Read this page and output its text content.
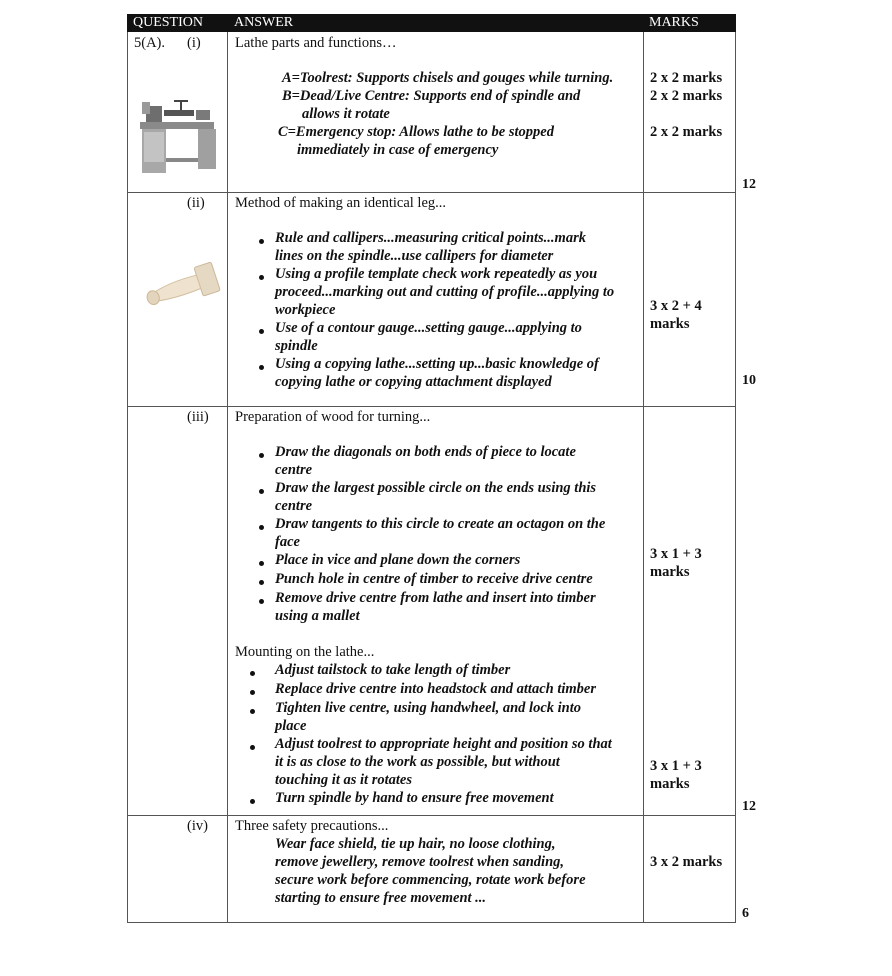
QUESTION ANSWER	MARKS
5(A). (i) Lathe parts and functions…
A=Toolrest: Supports chisels and gouges while turning.
B=Dead/Live Centre: Supports end of spindle and
allows it rotate
C=Emergency stop: Allows lathe to be stopped
immediately in case of emergency
2 x 2 marks
2 x 2 marks
2 x 2 marks
(ii) Method of making an identical leg...
Rule and callipers...measuring critical points...mark
lines on the spindle...use callipers for diameter
Using a profile template check work repeatedly as you
proceed...marking out and cutting of profile...applying to
workpiece
Use of a contour gauge...setting gauge...applying to
spindle
Using a copying lathe...setting up...basic knowledge of
copying lathe or copying attachment displayed
3 x 2 + 4
marks
(iii) Preparation of wood for turning...
Draw the diagonals on both ends of piece to locate
centre
Draw the largest possible circle on the ends using this
centre
Draw tangents to this circle to create an octagon on the
face
Place in vice and plane down the corners
Punch hole in centre of timber to receive drive centre
Remove drive centre from lathe and insert into timber
using a mallet
Mounting on the lathe...
Adjust tailstock to take length of timber
Replace drive centre into headstock and attach timber
Tighten live centre, using handwheel, and lock into
place
Adjust toolrest to appropriate height and position so that
it is as close to the work as possible, but without
touching it as it rotates
Turn spindle by hand to ensure free movement
3 x 1 + 3
marks
3 x 1 + 3
marks
(iv) Three safety precautions...
Wear face shield, tie up hair, no loose clothing,
remove jewellery, remove toolrest when sanding,
secure work before commencing, rotate work before
starting to ensure free movement ...
3 x 2 marks
12
10
12
6
